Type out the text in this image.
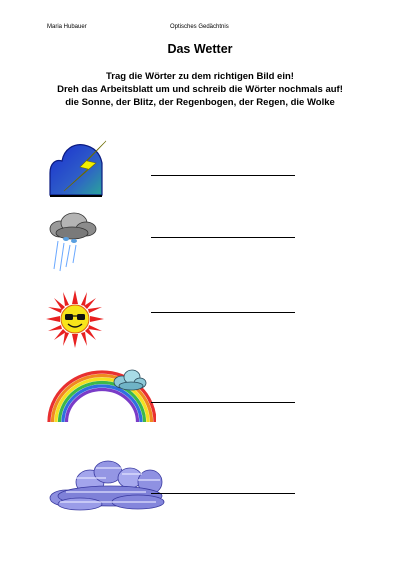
Maria Hubauer	Optisches Gedächtnis
Das Wetter
Trag die Wörter zu dem richtigen Bild ein!
Dreh das Arbeitsblatt um und schreib die Wörter nochmals auf!
die Sonne, der Blitz, der Regenbogen, der Regen, die Wolke
